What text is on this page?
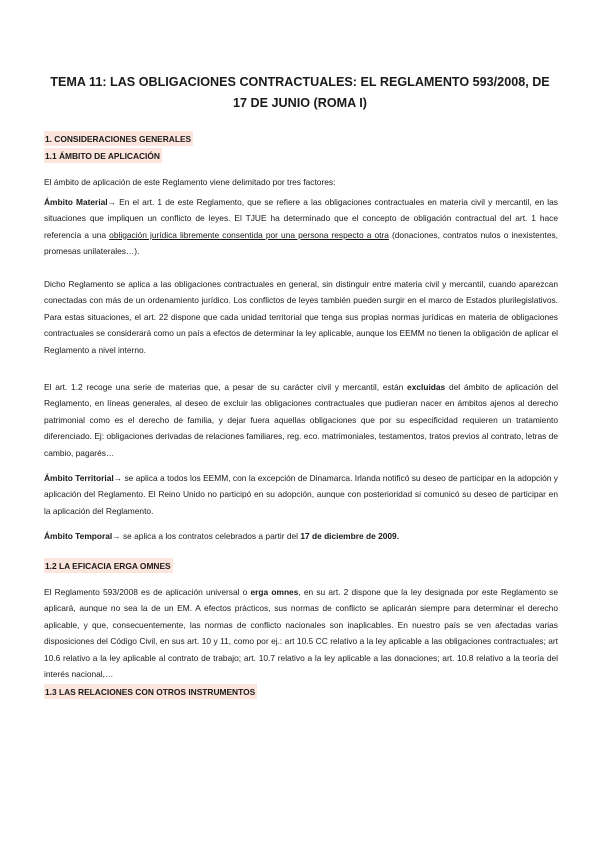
TEMA 11: LAS OBLIGACIONES CONTRACTUALES: EL REGLAMENTO 593/2008, DE 17 DE JUNIO (ROMA I)
1. CONSIDERACIONES GENERALES
1.1 ÁMBITO DE APLICACIÓN
El ámbito de aplicación de este Reglamento viene delimitado por tres factores:
Ámbito Material→ En el art. 1 de este Reglamento, que se refiere a las obligaciones contractuales en materia civil y mercantil, en las situaciones que impliquen un conflicto de leyes. El TJUE ha determinado que el concepto de obligación contractual del art. 1 hace referencia a una obligación jurídica libremente consentida por una persona respecto a otra (donaciones, contratos nulos o inexistentes, promesas unilaterales…).
Dicho Reglamento se aplica a las obligaciones contractuales en general, sin distinguir entre materia civil y mercantil, cuando aparezcan conectadas con más de un ordenamiento jurídico. Los conflictos de leyes también pueden surgir en el marco de Estados plurilegislativos. Para estas situaciones, el art. 22 dispone que cada unidad territorial que tenga sus propias normas jurídicas en materia de obligaciones contractuales se considerará como un país a efectos de determinar la ley aplicable, aunque los EEMM no tienen la obligación de aplicar el Reglamento a nivel interno.
El art. 1.2 recoge una serie de materias que, a pesar de su carácter civil y mercantil, están excluidas del ámbito de aplicación del Reglamento, en líneas generales, al deseo de excluir las obligaciones contractuales que pudieran nacer en ámbitos ajenos al derecho patrimonial como es el derecho de familia, y dejar fuera aquellas obligaciones que por su especificidad requieren un tratamiento diferenciado. Ej: obligaciones derivadas de relaciones familiares, reg. eco. matrimoniales, testamentos, tratos previos al contrato, letras de cambio, pagarés…
Ámbito Territorial→ se aplica a todos los EEMM, con la excepción de Dinamarca. Irlanda notificó su deseo de participar en la adopción y aplicación del Reglamento. El Reino Unido no participó en su adopción, aunque con posterioridad si comunicó su deseo de participar en la aplicación del Reglamento.
Ámbito Temporal→ se aplica a los contratos celebrados a partir del 17 de diciembre de 2009.
1.2 LA EFICACIA ERGA OMNES
El Reglamento 593/2008 es de aplicación universal o erga omnes, en su art. 2 dispone que la ley designada por este Reglamento se aplicará, aunque no sea la de un EM. A efectos prácticos, sus normas de conflicto se aplicarán siempre para determinar el derecho aplicable, y que, consecuentemente, las normas de conflicto nacionales son inaplicables. En nuestro país se ven afectadas varias disposiciones del Código Civil, en sus art. 10 y 11, como por ej.: art 10.5 CC relativo a la ley aplicable a las obligaciones contractuales; art 10.6 relativo a la ley aplicable al contrato de trabajo; art. 10.7 relativo a la ley aplicable a las donaciones; art. 10.8 relativo a la teoría del interés nacional,…
1.3 LAS RELACIONES CON OTROS INSTRUMENTOS
